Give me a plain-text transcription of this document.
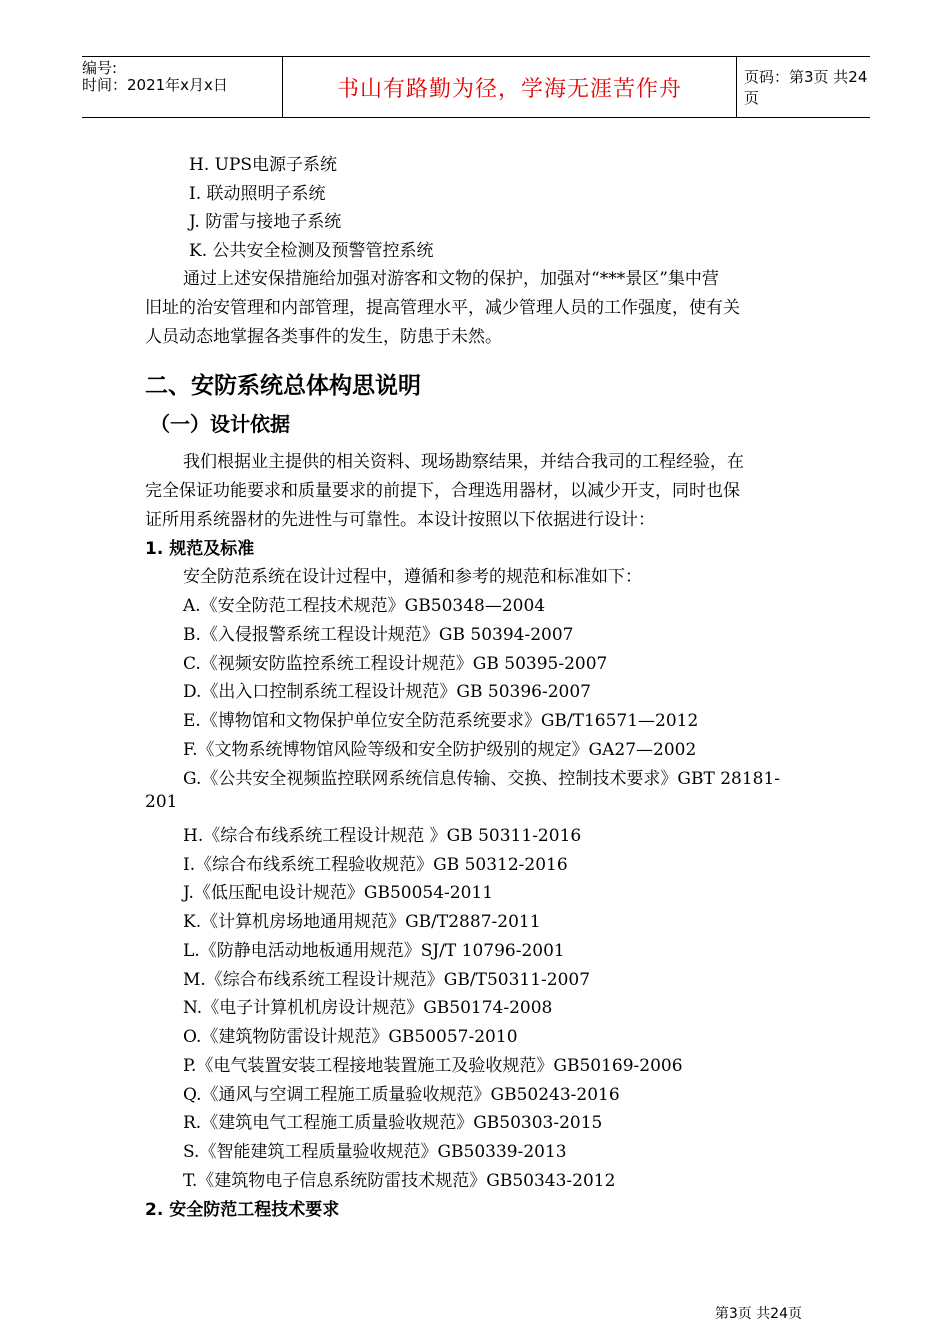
编号:
时间：2021年x月x日	书山有路勤为径，学海无涯苦作舟	页码：第3页 共24页
H. UPS电源子系统
I. 联动照明子系统
J. 防雷与接地子系统
K. 公共安全检测及预警管控系统
通过上述安保措施给加强对游客和文物的保护，加强对“***景区”集中营
旧址的治安管理和内部管理，提高管理水平，减少管理人员的工作强度，使有关
人员动态地掌握各类事件的发生，防患于未然。
二、安防系统总体构思说明
（一）设计依据
我们根据业主提供的相关资料、现场勘察结果，并结合我司的工程经验，在
完全保证功能要求和质量要求的前提下，合理选用器材，以减少开支，同时也保
证所用系统器材的先进性与可靠性。本设计按照以下依据进行设计：
1. 规范及标准
安全防范系统在设计过程中，遵循和参考的规范和标准如下：
A.《安全防范工程技术规范》GB50348—2004
B.《入侵报警系统工程设计规范》GB 50394-2007
C.《视频安防监控系统工程设计规范》GB 50395-2007
D.《出入口控制系统工程设计规范》GB 50396-2007
E.《博物馆和文物保护单位安全防范系统要求》GB/T16571—2012
F.《文物系统博物馆风险等级和安全防护级别的规定》GA27—2002
G.《公共安全视频监控联网系统信息传输、交换、控制技术要求》GBT 28181-
201
H.《综合布线系统工程设计规范 》GB 50311-2016
I.《综合布线系统工程验收规范》GB 50312-2016
J.《低压配电设计规范》GB50054-2011
K.《计算机房场地通用规范》GB/T2887-2011
L.《防静电活动地板通用规范》SJ/T 10796-2001
M.《综合布线系统工程设计规范》GB/T50311-2007
N.《电子计算机机房设计规范》GB50174-2008
O.《建筑物防雷设计规范》GB50057-2010
P.《电气装置安装工程接地装置施工及验收规范》GB50169-2006
Q.《通风与空调工程施工质量验收规范》GB50243-2016
R.《建筑电气工程施工质量验收规范》GB50303-2015
S.《智能建筑工程质量验收规范》GB50339-2013
T.《建筑物电子信息系统防雷技术规范》GB50343-2012
2. 安全防范工程技术要求
第3页 共24页
